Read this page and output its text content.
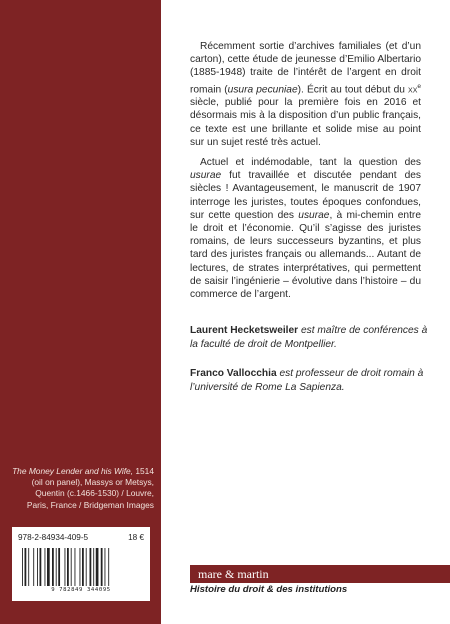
The Money Lender and his Wife, 1514 (oil on panel), Massys or Metsys, Quentin (c.1466-1530) / Louvre, Paris, France / Bridgeman Images
978-2-84934-409-5	18 €
9 782849 344095

Récemment sortie d’archives familiales (et d’un carton), cette étude de jeunesse d’Emilio Albertario (1885-1948) traite de l’intérêt de l’argent en droit romain (usura pecuniae). Écrit au tout début du $xx^e$ siècle, publié pour la première fois en 2016 et désormais mis à la disposition d’un public français, ce texte est une brillante et solide mise au point sur un sujet resté très actuel.

Actuel et indémodable, tant la question des usurae fut travaillée et discutée pendant des siècles ! Avantageusement, le manuscrit de 1907 interroge les juristes, toutes époques confondues, sur cette question des usurae, à mi-chemin entre le droit et l’économie. Qu’il s’agisse des juristes romains, de leurs successeurs byzantins, et plus tard des juristes français ou allemands... Autant de lectures, de strates interprétatives, qui permettent de saisir l’ingénierie – évolutive dans l’histoire – du commerce de l’argent.

Laurent Hecketsweiler est maître de conférences à la faculté de droit de Montpellier.

Franco Vallocchia est professeur de droit romain à l’université de Rome La Sapienza.

mare & martin
Histoire du droit & des institutions
